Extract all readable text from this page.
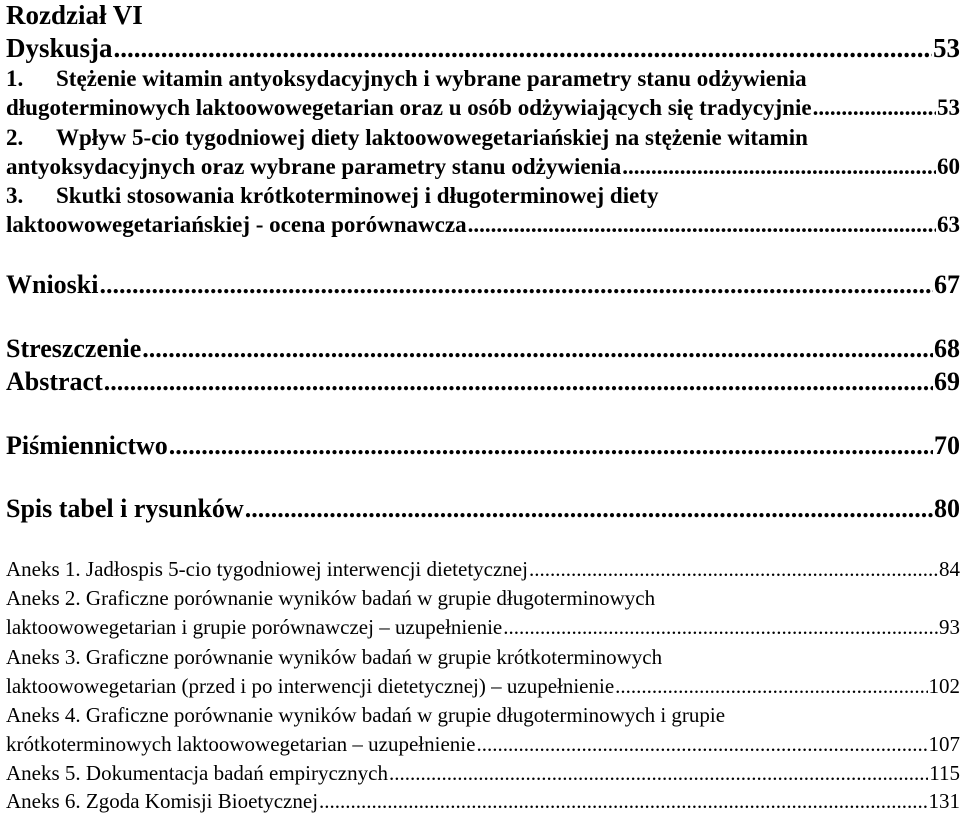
Rozdział VI
Dyskusja .....	53
1. Stężenie witamin antyoksydacyjnych i wybrane parametry stanu odżywienia
długoterminowych laktoowowegetarian oraz u osób odżywiających się tradycyjnie .....	53
2. Wpływ 5-cio tygodniowej diety laktoowowegetariańskiej na stężenie witamin
antyoksydacyjnych oraz wybrane parametry stanu odżywienia .....	60
3. Skutki stosowania krótkoterminowej i długoterminowej diety
laktoowowegetariańskiej - ocena porównawcza .....	63
Wnioski .....	67
Streszczenie .....	68
Abstract .....	69
Piśmiennictwo .....	70
Spis tabel i rysunków .....	80
Aneks 1. Jadłospis 5-cio tygodniowej interwencji dietetycznej .....	84
Aneks 2. Graficzne porównanie wyników badań w grupie długoterminowych
laktoowowegetarian i grupie porównawczej – uzupełnienie .....	93
Aneks 3. Graficzne porównanie wyników badań w grupie krótkoterminowych
laktoowowegetarian (przed i po interwencji dietetycznej) – uzupełnienie .....	102
Aneks 4. Graficzne porównanie wyników badań w grupie długoterminowych i grupie
krótkoterminowych laktoowowegetarian – uzupełnienie .....	107
Aneks 5. Dokumentacja badań empirycznych .....	115
Aneks 6. Zgoda Komisji Bioetycznej .....	131
